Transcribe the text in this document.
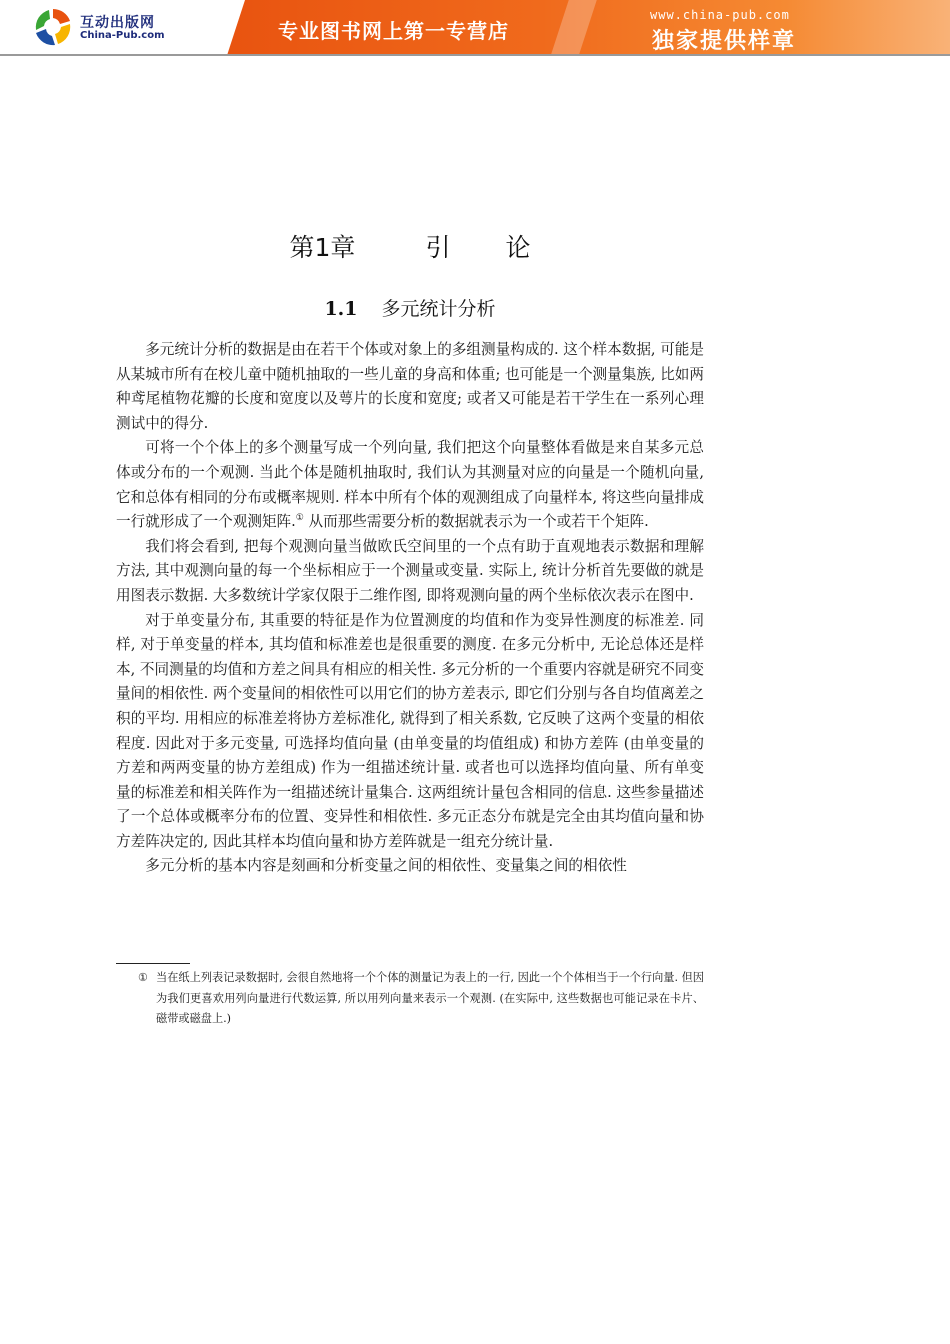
互动出版网
China-Pub.com	专业图书网上第一专营店
www.china-pub.com
独家提供样章
第1章	引 论
1.1 多元统计分析

多元统计分析的数据是由在若干个体或对象上的多组测量构成的. 这个样本数据, 可能是从某城市所有在校儿童中随机抽取的一些儿童的身高和体重; 也可能是一个测量集族, 比如两种鸢尾植物花瓣的长度和宽度以及萼片的长度和宽度; 或者又可能是若干学生在一系列心理测试中的得分.

可将一个个体上的多个测量写成一个列向量, 我们把这个向量整体看做是来自某多元总体或分布的一个观测. 当此个体是随机抽取时, 我们认为其测量对应的向量是一个随机向量, 它和总体有相同的分布或概率规则. 样本中所有个体的观测组成了向量样本, 将这些向量排成一行就形成了一个观测矩阵.① 从而那些需要分析的数据就表示为一个或若干个矩阵.

我们将会看到, 把每个观测向量当做欧氏空间里的一个点有助于直观地表示数据和理解方法, 其中观测向量的每一个坐标相应于一个测量或变量. 实际上, 统计分析首先要做的就是用图表示数据. 大多数统计学家仅限于二维作图, 即将观测向量的两个坐标依次表示在图中.

对于单变量分布, 其重要的特征是作为位置测度的均值和作为变异性测度的标准差. 同样, 对于单变量的样本, 其均值和标准差也是很重要的测度. 在多元分析中, 无论总体还是样本, 不同测量的均值和方差之间具有相应的相关性. 多元分析的一个重要内容就是研究不同变量间的相依性. 两个变量间的相依性可以用它们的协方差表示, 即它们分别与各自均值离差之积的平均. 用相应的标准差将协方差标准化, 就得到了相关系数, 它反映了这两个变量的相依程度. 因此对于多元变量, 可选择均值向量 (由单变量的均值组成) 和协方差阵 (由单变量的方差和两两变量的协方差组成) 作为一组描述统计量. 或者也可以选择均值向量、所有单变量的标准差和相关阵作为一组描述统计量集合. 这两组统计量包含相同的信息. 这些参量描述了一个总体或概率分布的位置、变异性和相依性. 多元正态分布就是完全由其均值向量和协方差阵决定的, 因此其样本均值向量和协方差阵就是一组充分统计量.

多元分析的基本内容是刻画和分析变量之间的相依性、变量集之间的相依性

① 当在纸上列表记录数据时, 会很自然地将一个个体的测量记为表上的一行, 因此一个个体相当于一个行向量. 但因为我们更喜欢用列向量进行代数运算, 所以用列向量来表示一个观测. (在实际中, 这些数据也可能记录在卡片、磁带或磁盘上.)
